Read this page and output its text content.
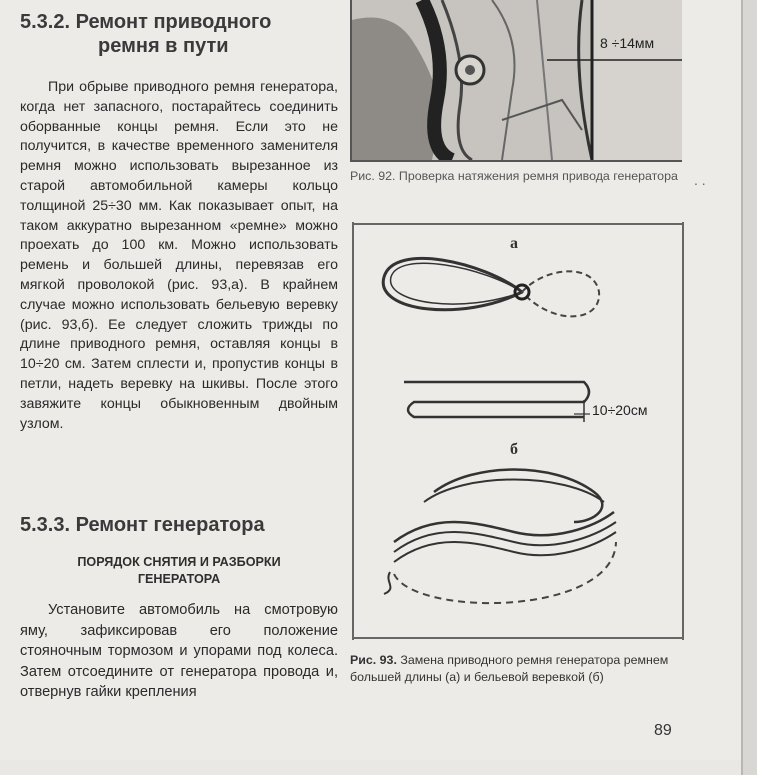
5.3.2. Ремонт приводного
ремня в пути
При обрыве приводного ремня генератора, когда нет запасного, постарайтесь соединить оборванные концы ремня. Если это не получится, в качестве временного заменителя ремня можно использовать вырезанное из старой автомобильной камеры кольцо толщиной 25÷30 мм. Как показывает опыт, на таком аккуратно вырезанном «ремне» можно проехать до 100 км. Можно использовать ремень и большей длины, перевязав его мягкой проволокой (рис. 93,а). В крайнем случае можно использовать бельевую веревку (рис. 93,б). Ее следует сложить трижды по длине приводного ремня, оставляя концы в 10÷20 см. Затем сплести и, пропустив концы в петли, надеть веревку на шкивы. После этого завяжите концы обыкновенным двойным узлом.
5.3.3. Ремонт генератора
ПОРЯДОК СНЯТИЯ И РАЗБОРКИ
ГЕНЕРАТОРА
Установите автомобиль на смотровую яму, зафиксировав его положение стояночным тормозом и упорами под колеса. Затем отсоедините от генератора провода и, отвернув гайки крепления
8 ÷14мм
Рис. 92. Проверка натяжения ремня привода генератора	. .
а
10÷20см
б
Рис. 93. Замена приводного ремня генератора ремнем большей длины (а) и бельевой веревкой (б)
89
